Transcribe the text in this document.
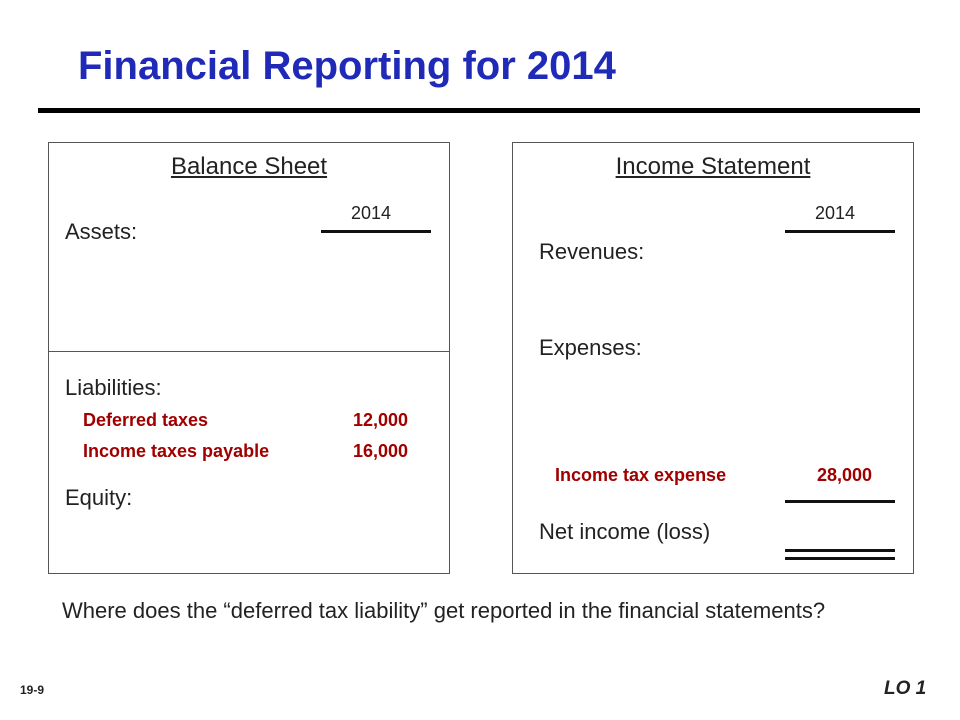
Financial Reporting for 2014
Balance Sheet
2014
Assets:
Liabilities:
Deferred taxes	12,000
Income taxes payable	16,000
Equity:
Income Statement
2014
Revenues:
Expenses:
Income tax expense	28,000
Net income (loss)
Where does the “deferred tax liability” get reported in the financial statements?
19-9	LO 1
